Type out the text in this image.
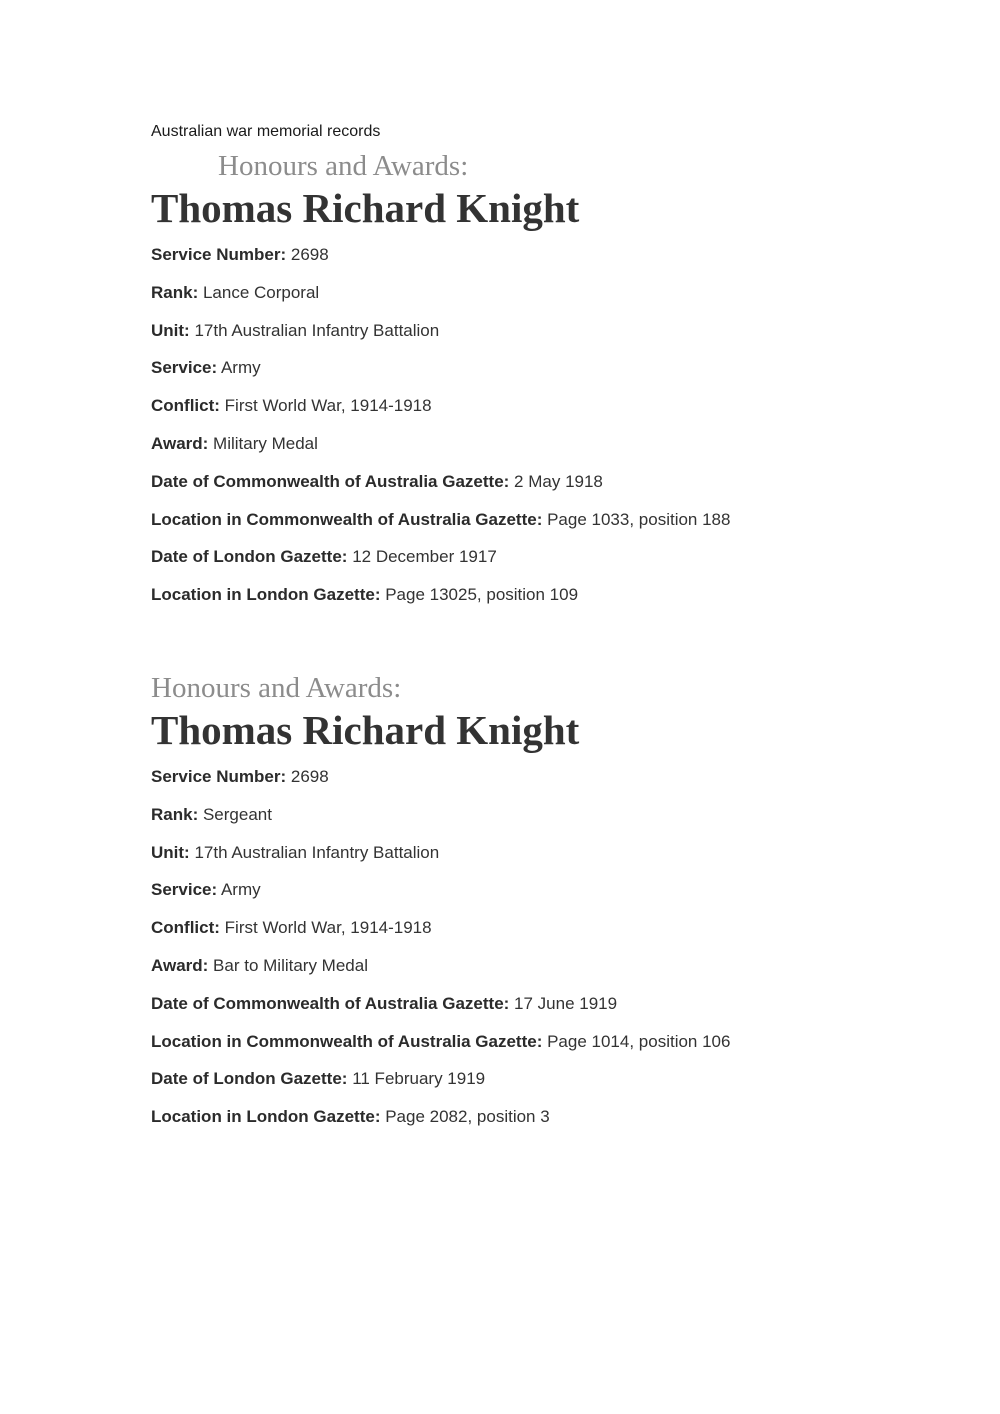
Australian war memorial records

Honours and Awards:
Thomas Richard Knight
Service Number: 2698
Rank: Lance Corporal
Unit: 17th Australian Infantry Battalion
Service: Army
Conflict: First World War, 1914-1918
Award: Military Medal
Date of Commonwealth of Australia Gazette: 2 May 1918
Location in Commonwealth of Australia Gazette: Page 1033, position 188
Date of London Gazette: 12 December 1917
Location in London Gazette: Page 13025, position 109
Honours and Awards:
Thomas Richard Knight
Service Number: 2698
Rank: Sergeant
Unit: 17th Australian Infantry Battalion
Service: Army
Conflict: First World War, 1914-1918
Award: Bar to Military Medal
Date of Commonwealth of Australia Gazette: 17 June 1919
Location in Commonwealth of Australia Gazette: Page 1014, position 106
Date of London Gazette: 11 February 1919
Location in London Gazette: Page 2082, position 3
